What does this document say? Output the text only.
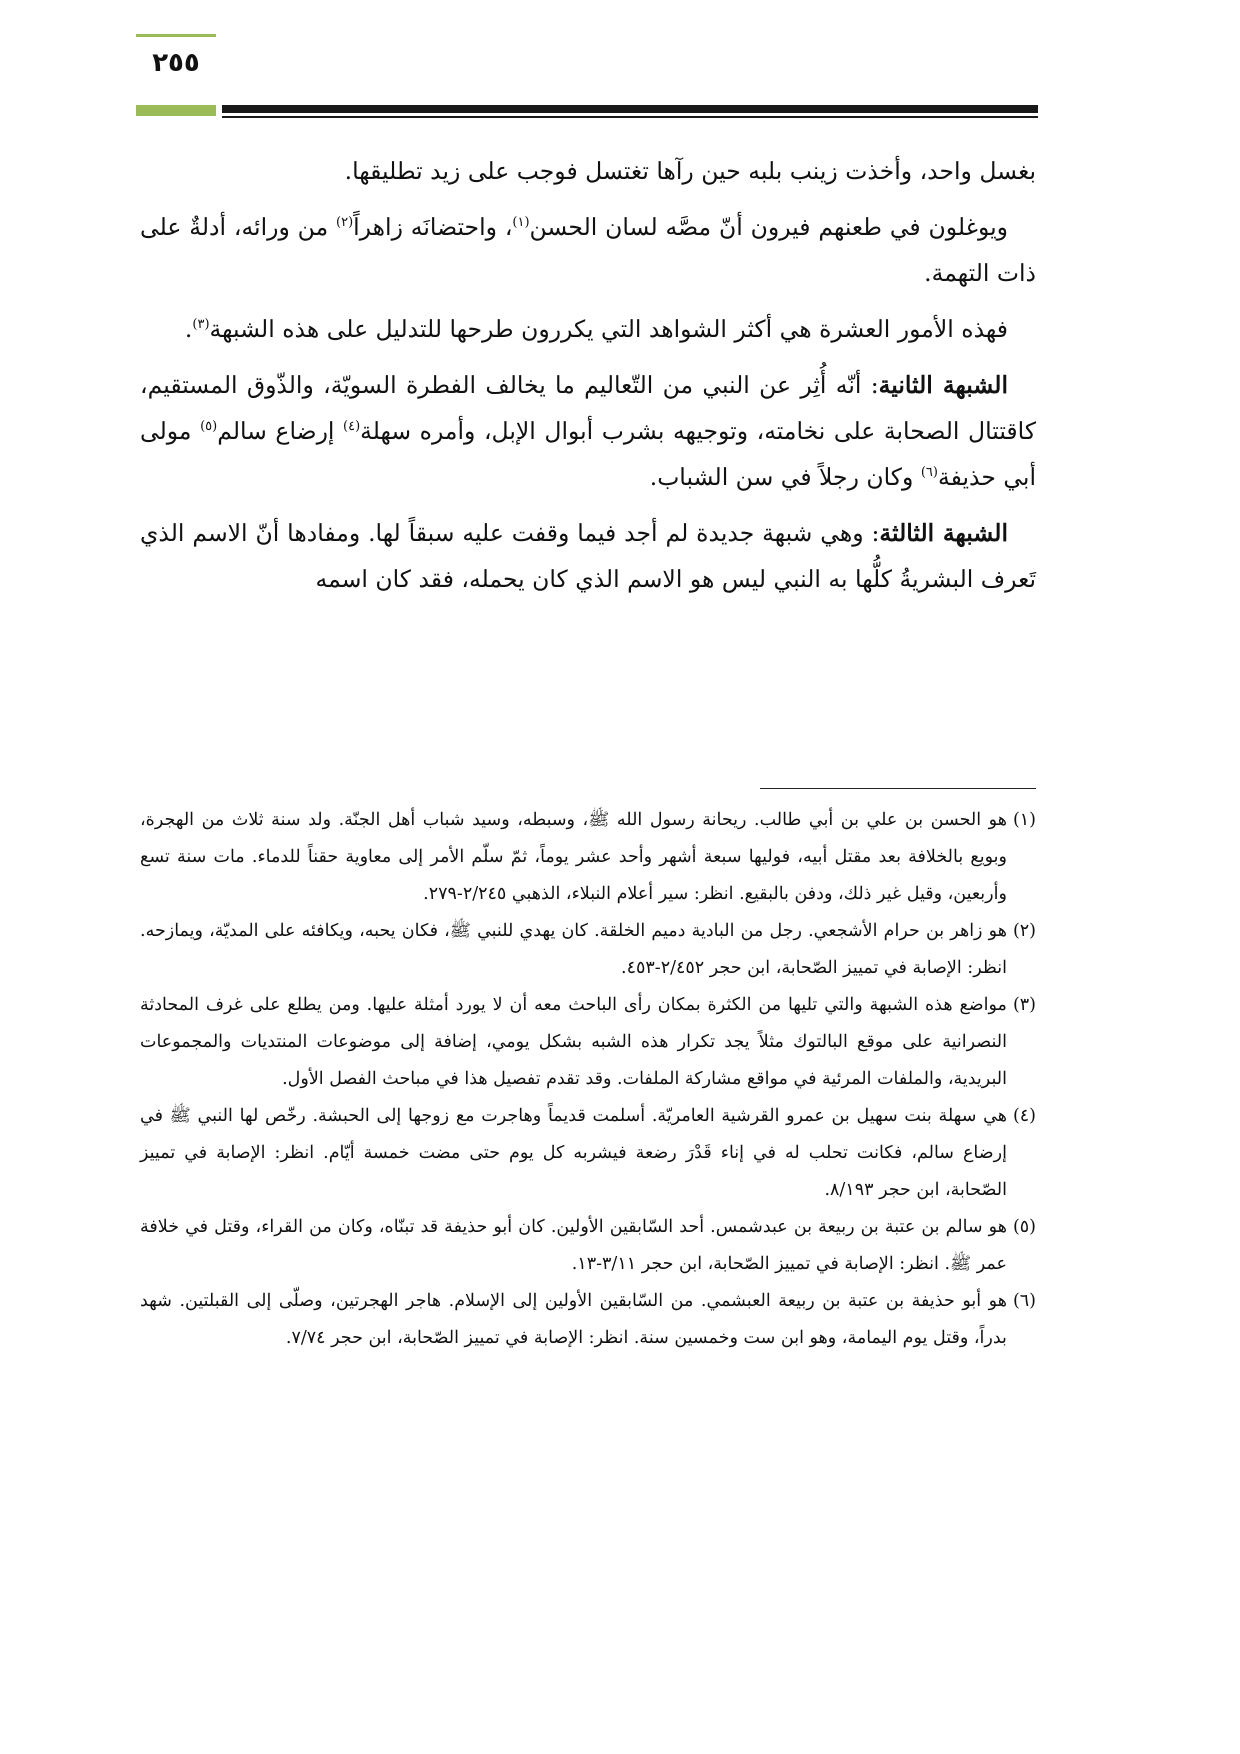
٢٥٥

بغسل واحد، وأخذت زينب بلبه حين رآها تغتسل فوجب على زيد تطليقها.

ويوغلون في طعنهم فيرون أنّ مصَّه لسان الحسن$^{(١)}$، واحتضانَه زاهراً$^{(٢)}$ من ورائه، أدلةٌ على ذات التهمة.

فهذه الأمور العشرة هي أكثر الشواهد التي يكررون طرحها للتدليل على هذه الشبهة$^{(٣)}$.

الشبهة الثانية: أنّه أُثِر عن النبي من التّعاليم ما يخالف الفطرة السويّة، والذّوق المستقيم، كاقتتال الصحابة على نخامته، وتوجيهه بشرب أبوال الإبل، وأمره سهلة$^{(٤)}$ إرضاع سالم$^{(٥)}$ مولى أبي حذيفة$^{(٦)}$ وكان رجلاً في سن الشباب.

الشبهة الثالثة: وهي شبهة جديدة لم أجد فيما وقفت عليه سبقاً لها. ومفادها أنّ الاسم الذي تَعرف البشريةُ كلُّها به النبي ليس هو الاسم الذي كان يحمله، فقد كان اسمه

(١)
هو الحسن بن علي بن أبي طالب. ريحانة رسول الله ﷺ، وسبطه، وسيد شباب أهل الجنّة. ولد سنة ثلاث من الهجرة، وبويع بالخلافة بعد مقتل أبيه، فوليها سبعة أشهر وأحد عشر يوماً، ثمّ سلّم الأمر إلى معاوية حقناً للدماء. مات سنة تسع وأربعين، وقيل غير ذلك، ودفن بالبقيع. انظر: سير أعلام النبلاء، الذهبي ٢/٢٤٥-٢٧٩.
(٢)
هو زاهر بن حرام الأشجعي. رجل من البادية دميم الخلقة. كان يهدي للنبي ﷺ، فكان يحبه، ويكافئه على المديّة، ويمازحه. انظر: الإصابة في تمييز الصّحابة، ابن حجر ٢/٤٥٢-٤٥٣.
(٣)
مواضع هذه الشبهة والتي تليها من الكثرة بمكان رأى الباحث معه أن لا يورد أمثلة عليها. ومن يطلع على غرف المحادثة النصرانية على موقع البالتوك مثلاً يجد تكرار هذه الشبه بشكل يومي، إضافة إلى موضوعات المنتديات والمجموعات البريدية، والملفات المرئية في مواقع مشاركة الملفات. وقد تقدم تفصيل هذا في مباحث الفصل الأول.
(٤)
هي سهلة بنت سهيل بن عمرو القرشية العامريّة. أسلمت قديماً وهاجرت مع زوجها إلى الحبشة. رخّص لها النبي ﷺ في إرضاع سالم، فكانت تحلب له في إناء قَدْرَ رضعة فيشربه كل يوم حتى مضت خمسة أيّام. انظر: الإصابة في تمييز الصّحابة، ابن حجر ٨/١٩٣.
(٥)
هو سالم بن عتبة بن ربيعة بن عبدشمس. أحد السّابقين الأولين. كان أبو حذيفة قد تبنّاه، وكان من القراء، وقتل في خلافة عمر ﷺ. انظر: الإصابة في تمييز الصّحابة، ابن حجر ٣/١١-١٣.
(٦)
هو أبو حذيفة بن عتبة بن ربيعة العبشمي. من السّابقين الأولين إلى الإسلام. هاجر الهجرتين، وصلّى إلى القبلتين. شهد بدراً، وقتل يوم اليمامة، وهو ابن ست وخمسين سنة. انظر: الإصابة في تمييز الصّحابة، ابن حجر ٧/٧٤.
